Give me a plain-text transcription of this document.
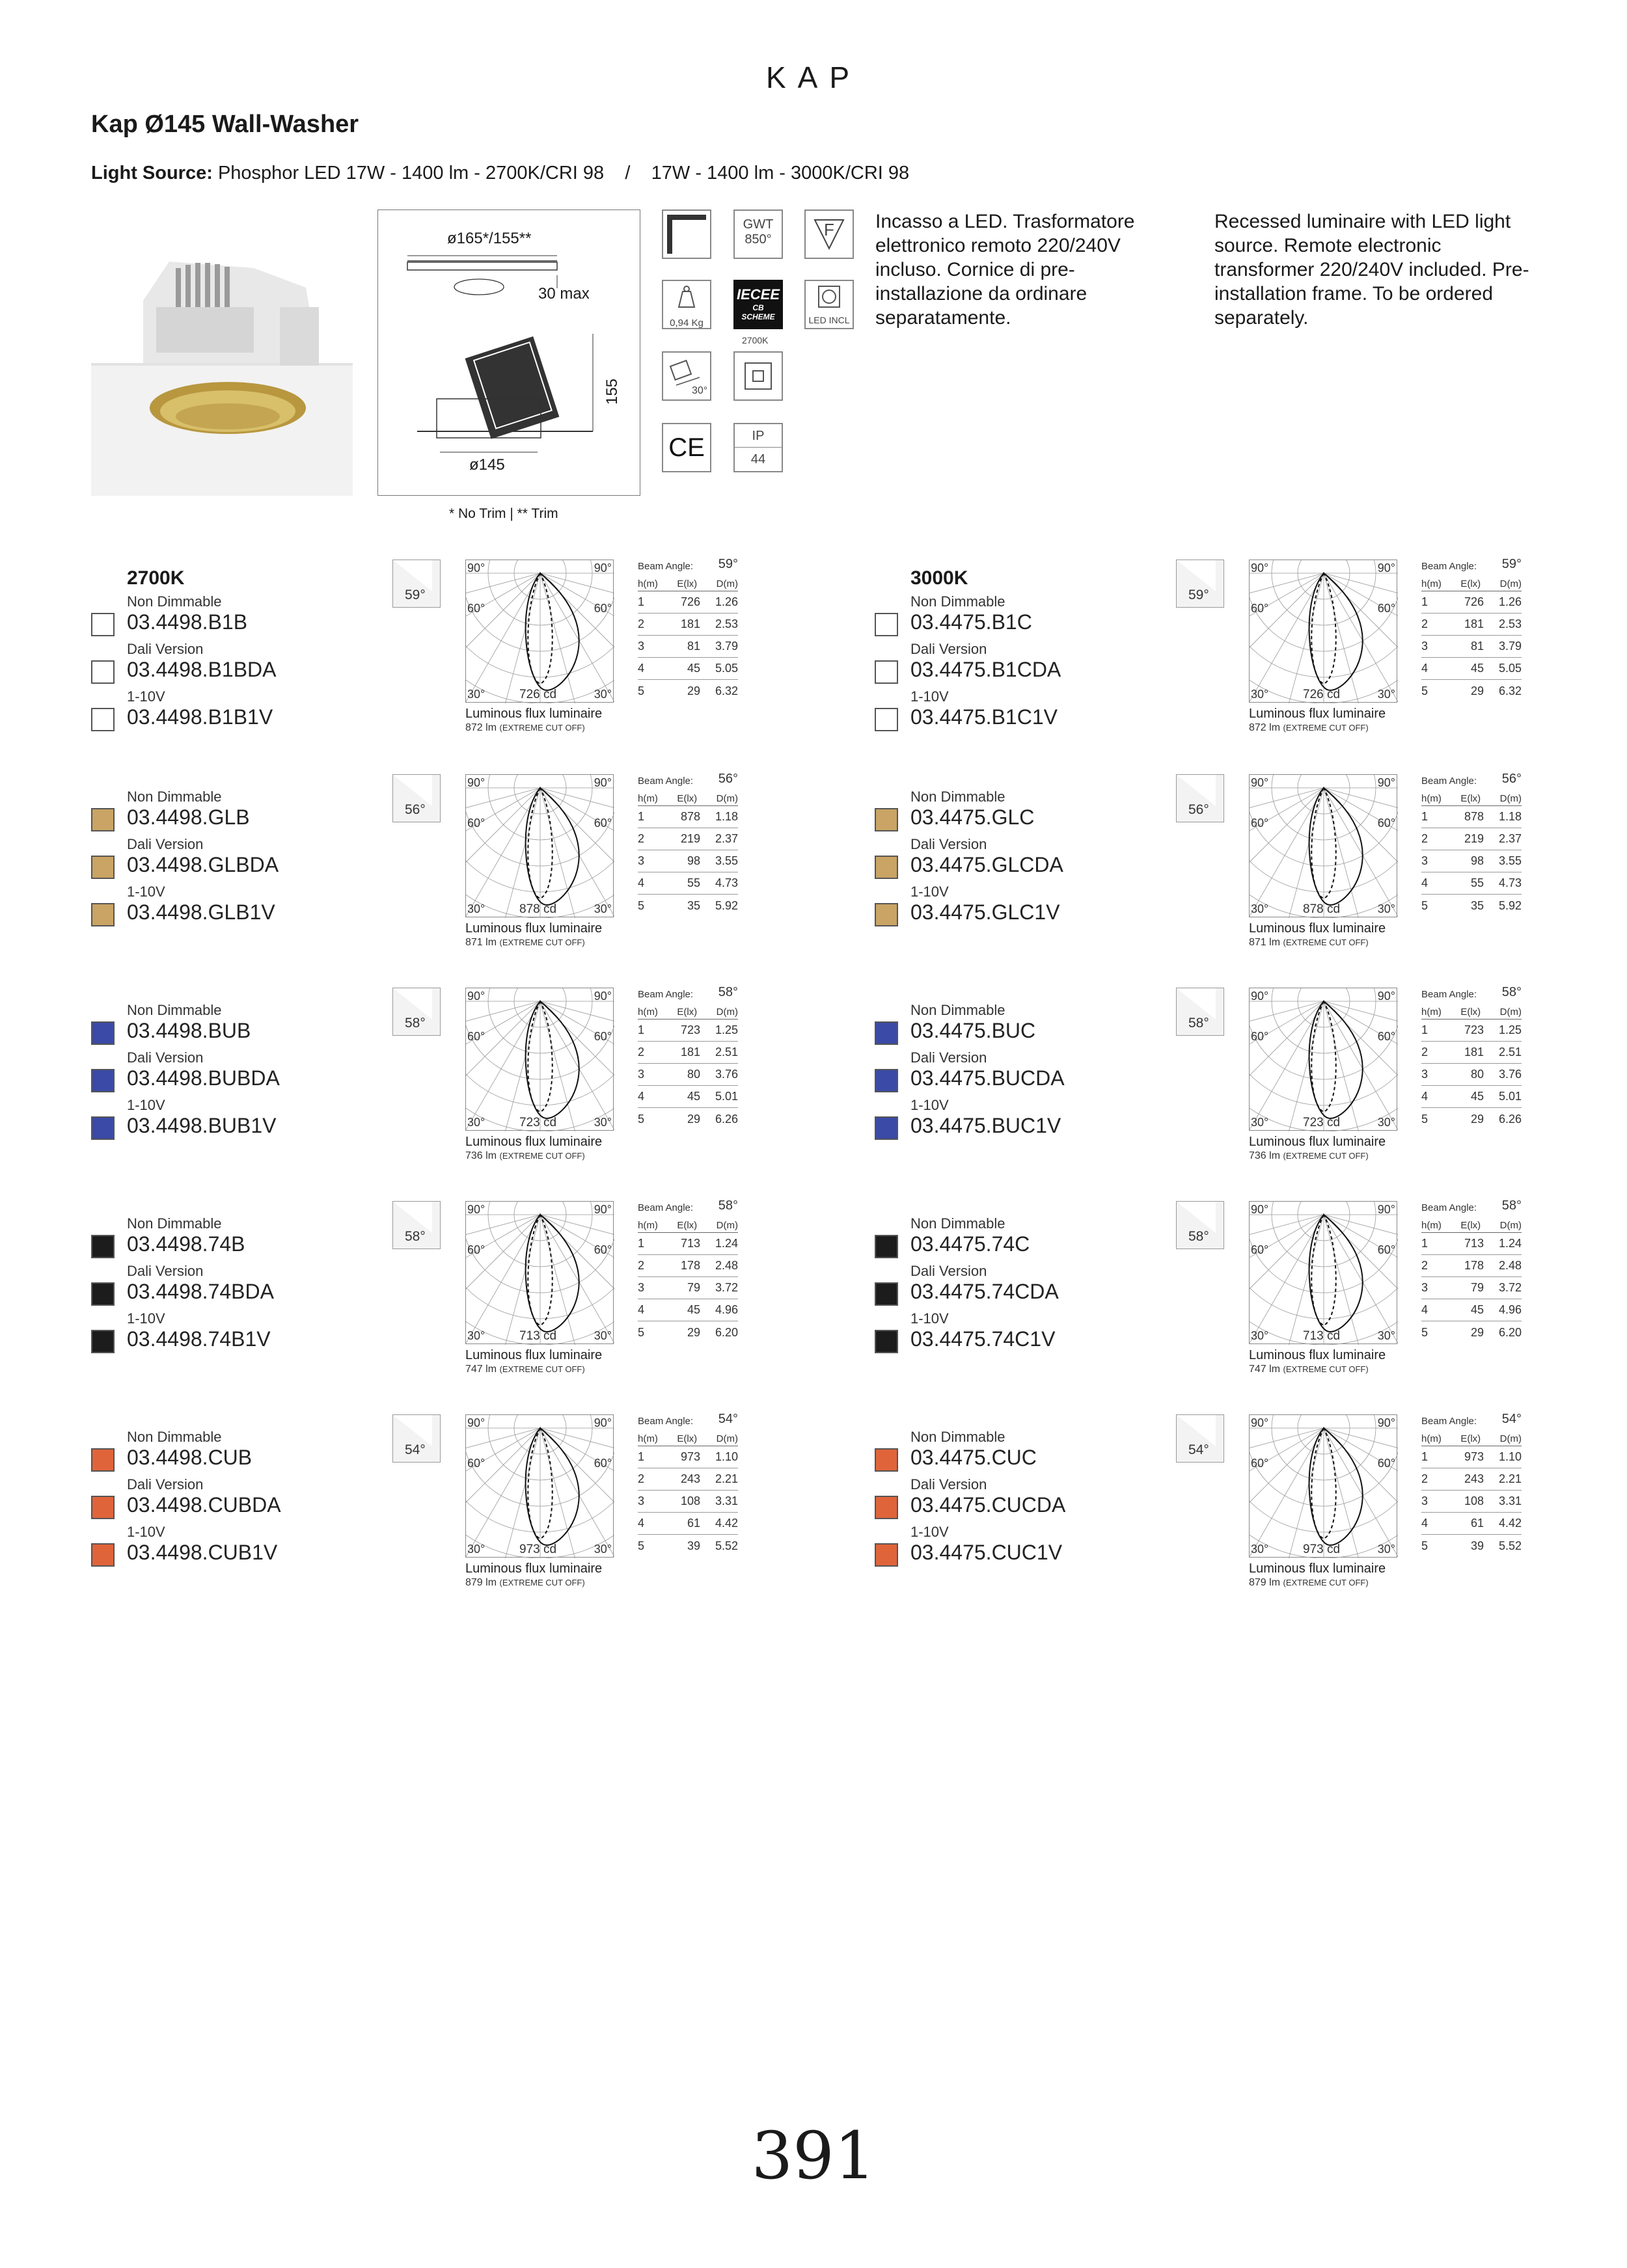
KAP
Kap Ø145 Wall-Washer
Light Source: Phosphor LED 17W - 1400 lm - 2700K/CRI 98    /    17W - 1400 lm - 3000K/CRI 98
ø165*/155**
30 max
155
ø145
* No Trim | ** Trim
GWT
850°	F
0,94 Kg
IECEE
CB
SCHEME
2700K
LED INCL
30°
CE	IP
44
Incasso a LED. Trasformatore elettronico remoto 220/240V incluso. Cornice di pre-installazione da ordinare separatamente.
Recessed luminaire with LED light source. Remote electronic transformer 220/240V included. Pre-installation frame. To be ordered separately.
2700K
Non Dimmable
03.4498.B1B
Dali Version
03.4498.B1BDA
1-10V
03.4498.B1B1V
59°
90°	90°
60°	60°
30°	30°
726 cd
Luminous flux luminaire
872 lm (EXTREME CUT OFF)
Beam Angle: 59°
h(m) E(lx) D(m)
1	726	1.26
2	181	2.53
3	81	3.79
4	45	5.05
5	29	6.32
3000K
Non Dimmable
03.4475.B1C
Dali Version
03.4475.B1CDA
1-10V
03.4475.B1C1V
59°
90°	90°
60°	60°
30°	30°
726 cd
Luminous flux luminaire
872 lm (EXTREME CUT OFF)
Beam Angle: 59°
h(m) E(lx) D(m)
1	726	1.26
2	181	2.53
3	81	3.79
4	45	5.05
5	29	6.32
Non Dimmable
03.4498.GLB
Dali Version
03.4498.GLBDA
1-10V
03.4498.GLB1V
56°
90°	90°
60°	60°
30°	30°
878 cd
Luminous flux luminaire
871 lm (EXTREME CUT OFF)
Beam Angle: 56°
h(m) E(lx) D(m)
1	878	1.18
2	219	2.37
3	98	3.55
4	55	4.73
5	35	5.92
Non Dimmable
03.4475.GLC
Dali Version
03.4475.GLCDA
1-10V
03.4475.GLC1V
56°
90°	90°
60°	60°
30°	30°
878 cd
Luminous flux luminaire
871 lm (EXTREME CUT OFF)
Beam Angle: 56°
h(m) E(lx) D(m)
1	878	1.18
2	219	2.37
3	98	3.55
4	55	4.73
5	35	5.92
Non Dimmable
03.4498.BUB
Dali Version
03.4498.BUBDA
1-10V
03.4498.BUB1V
58°
90°	90°
60°	60°
30°	30°
723 cd
Luminous flux luminaire
736 lm (EXTREME CUT OFF)
Beam Angle: 58°
h(m) E(lx) D(m)
1	723	1.25
2	181	2.51
3	80	3.76
4	45	5.01
5	29	6.26
Non Dimmable
03.4475.BUC
Dali Version
03.4475.BUCDA
1-10V
03.4475.BUC1V
58°
90°	90°
60°	60°
30°	30°
723 cd
Luminous flux luminaire
736 lm (EXTREME CUT OFF)
Beam Angle: 58°
h(m) E(lx) D(m)
1	723	1.25
2	181	2.51
3	80	3.76
4	45	5.01
5	29	6.26
Non Dimmable
03.4498.74B
Dali Version
03.4498.74BDA
1-10V
03.4498.74B1V
58°
90°	90°
60°	60°
30°	30°
713 cd
Luminous flux luminaire
747 lm (EXTREME CUT OFF)
Beam Angle: 58°
h(m) E(lx) D(m)
1	713	1.24
2	178	2.48
3	79	3.72
4	45	4.96
5	29	6.20
Non Dimmable
03.4475.74C
Dali Version
03.4475.74CDA
1-10V
03.4475.74C1V
58°
90°	90°
60°	60°
30°	30°
713 cd
Luminous flux luminaire
747 lm (EXTREME CUT OFF)
Beam Angle: 58°
h(m) E(lx) D(m)
1	713	1.24
2	178	2.48
3	79	3.72
4	45	4.96
5	29	6.20
Non Dimmable
03.4498.CUB
Dali Version
03.4498.CUBDA
1-10V
03.4498.CUB1V
54°
90°	90°
60°	60°
30°	30°
973 cd
Luminous flux luminaire
879 lm (EXTREME CUT OFF)
Beam Angle: 54°
h(m) E(lx) D(m)
1	973	1.10
2	243	2.21
3	108	3.31
4	61	4.42
5	39	5.52
Non Dimmable
03.4475.CUC
Dali Version
03.4475.CUCDA
1-10V
03.4475.CUC1V
54°
90°	90°
60°	60°
30°	30°
973 cd
Luminous flux luminaire
879 lm (EXTREME CUT OFF)
Beam Angle: 54°
h(m) E(lx) D(m)
1	973	1.10
2	243	2.21
3	108	3.31
4	61	4.42
5	39	5.52
391
